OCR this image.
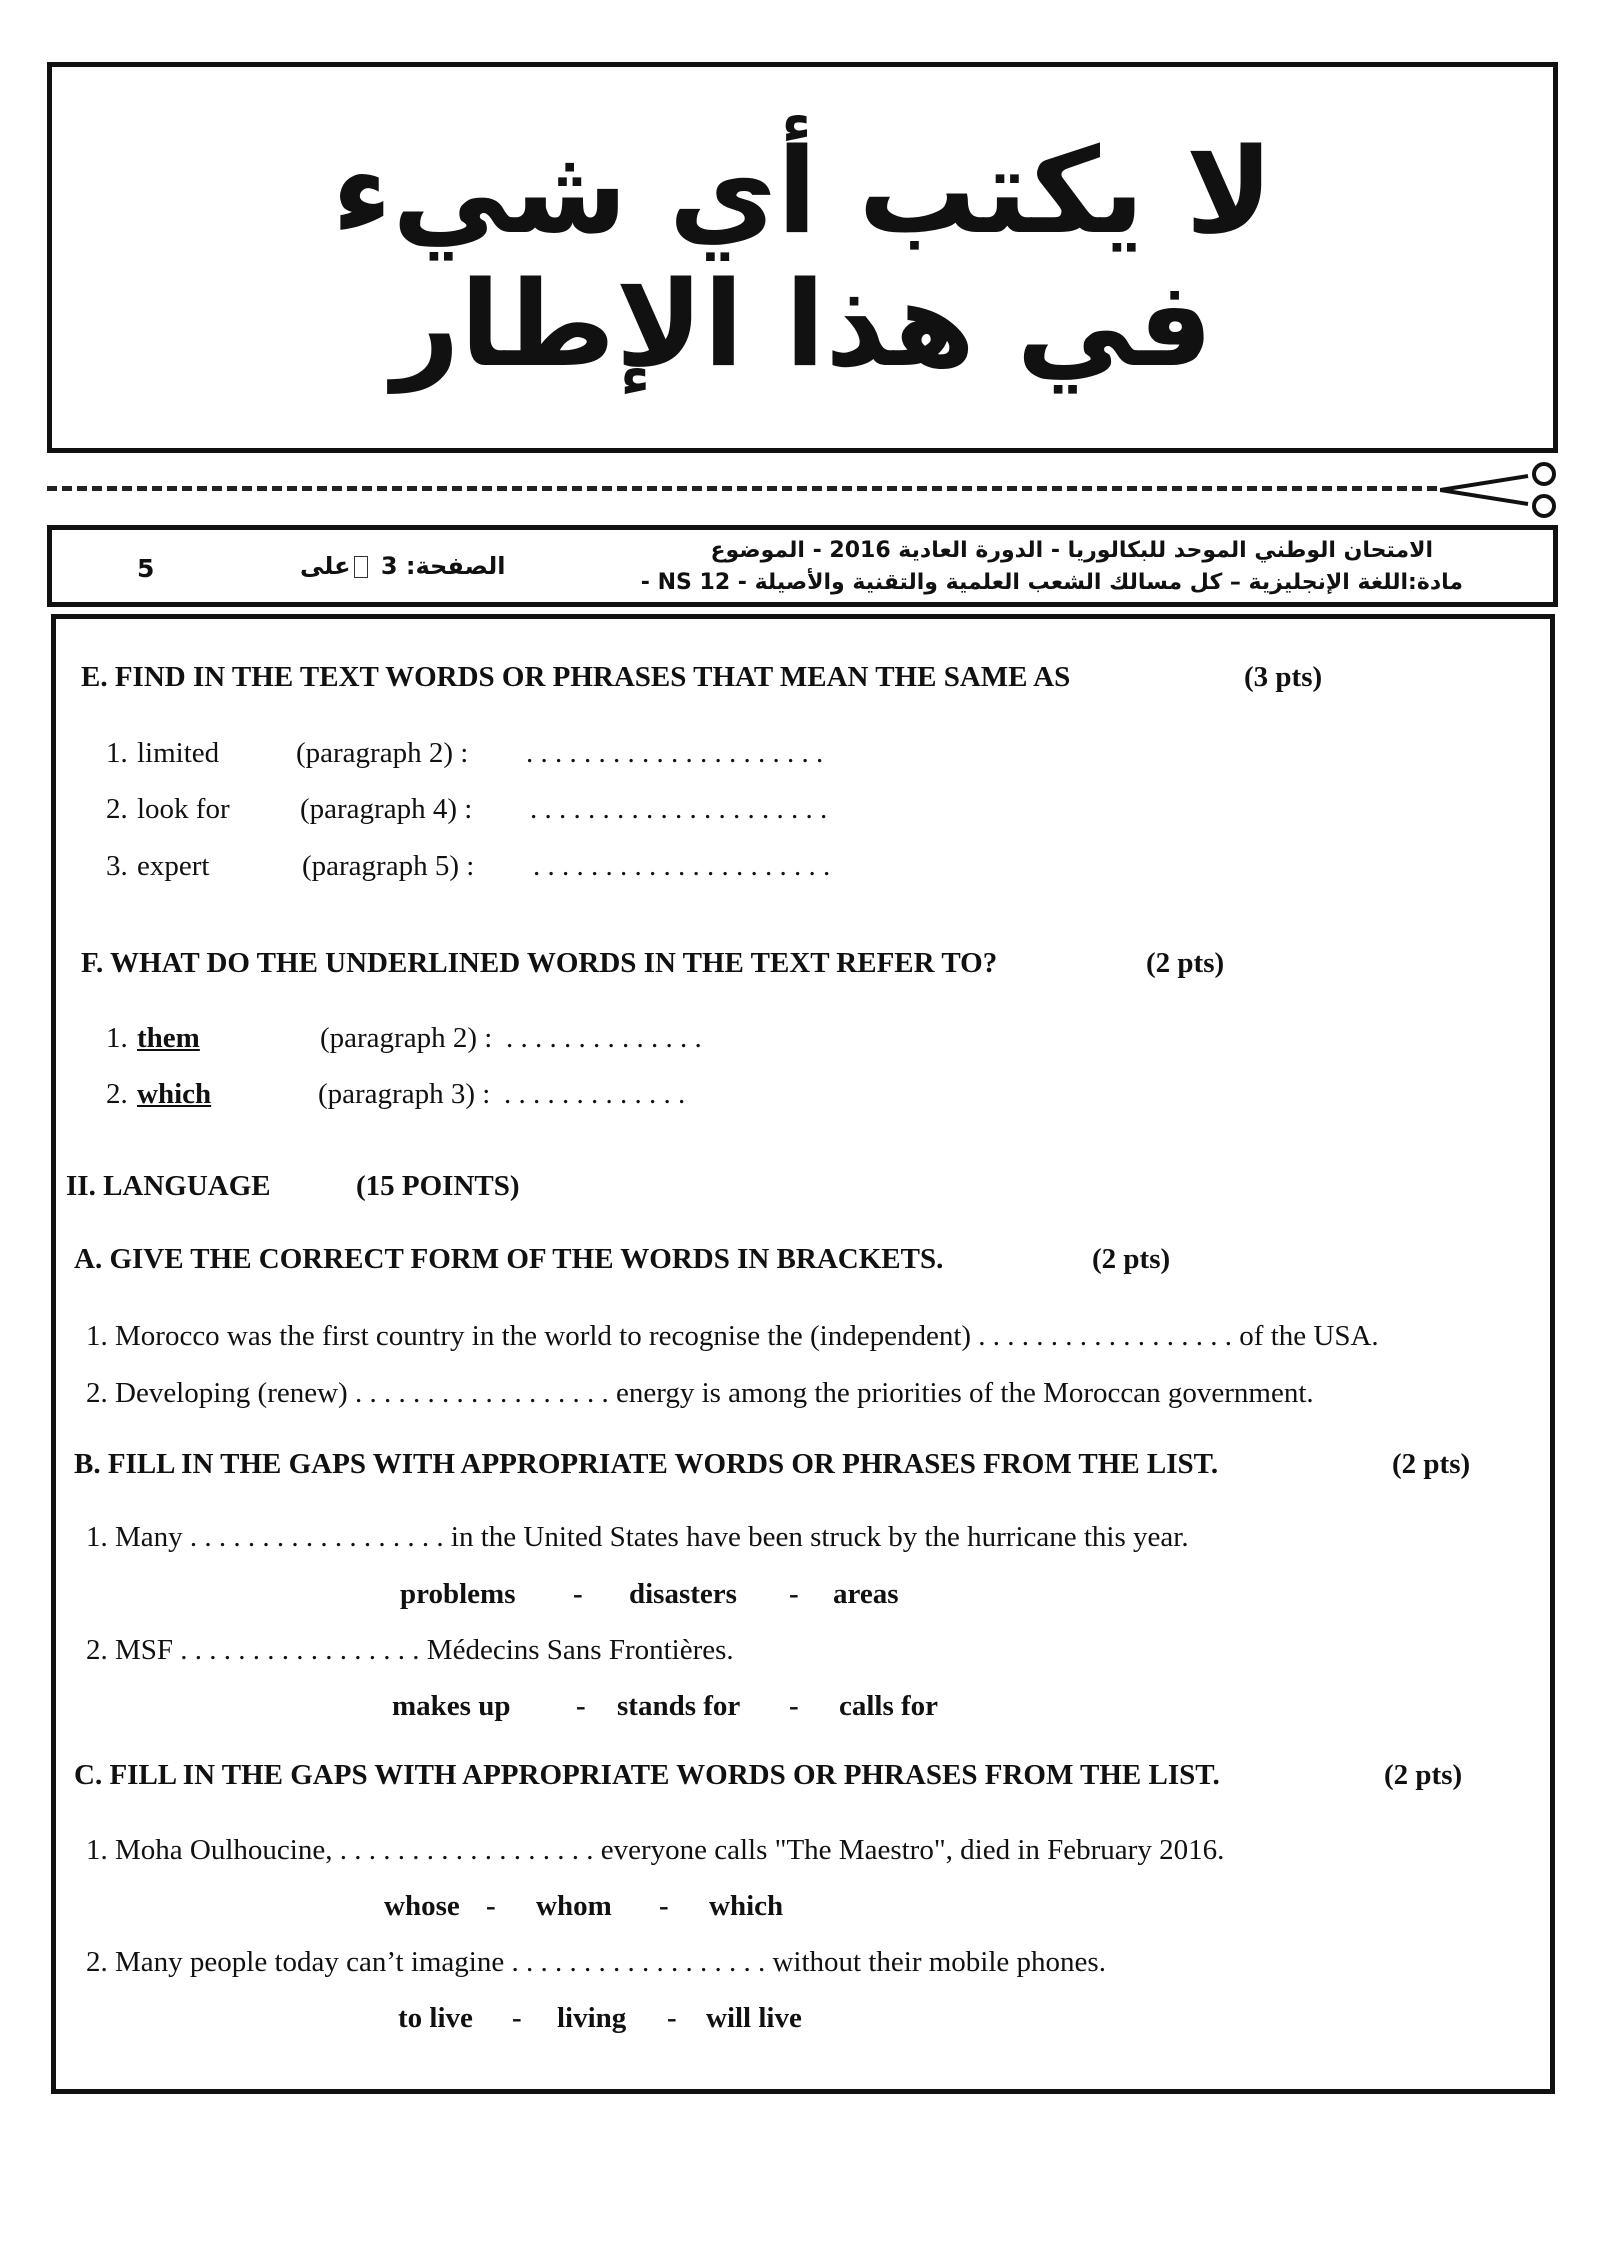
لا يكتب أي شيء
في هذا الإطار
5	الصفحة: 3 على
الامتحان الوطني الموحد للبكالوريا - الدورة العادية 2016 - الموضوع
مادة:اللغة الإنجليزية – كل مسالك الشعب العلمية والتقنية والأصيلة - NS 12 -
E. FIND IN THE TEXT WORDS OR PHRASES THAT MEAN THE SAME AS	(3 pts)
1. limited	(paragraph 2) : . . . . . . . . . . . . . . . . . . . . .
2. look for (paragraph 4) : . . . . . . . . . . . . . . . . . . . . .
3. expert	(paragraph 5) : . . . . . . . . . . . . . . . . . . . . .
F. WHAT DO THE UNDERLINED WORDS IN THE TEXT REFER TO?	(2 pts)
1. them	(paragraph 2) : . . . . . . . . . . . . . .
2. which	(paragraph 3) : . . . . . . . . . . . . .
II. LANGUAGE	(15 POINTS)
A. GIVE THE CORRECT FORM OF THE WORDS IN BRACKETS.	(2 pts)
1. Morocco was the first country in the world to recognise the (independent) . . . . . . . . . . . . . . . . . . of the USA.
2. Developing (renew) . . . . . . . . . . . . . . . . . . energy is among the priorities of the Moroccan government.
B. FILL IN THE GAPS WITH APPROPRIATE WORDS OR PHRASES FROM THE LIST.	(2 pts)
1. Many . . . . . . . . . . . . . . . . . . in the United States have been struck by the hurricane this year.
problems - disasters - areas
2. MSF . . . . . . . . . . . . . . . . . Médecins Sans Frontières.
makes up - stands for - calls for
C. FILL IN THE GAPS WITH APPROPRIATE WORDS OR PHRASES FROM THE LIST.	(2 pts)
1. Moha Oulhoucine, . . . . . . . . . . . . . . . . . . everyone calls "The Maestro", died in February 2016.
whose - whom - which
2. Many people today can’t imagine . . . . . . . . . . . . . . . . . . without their mobile phones.
to live - living - will live
